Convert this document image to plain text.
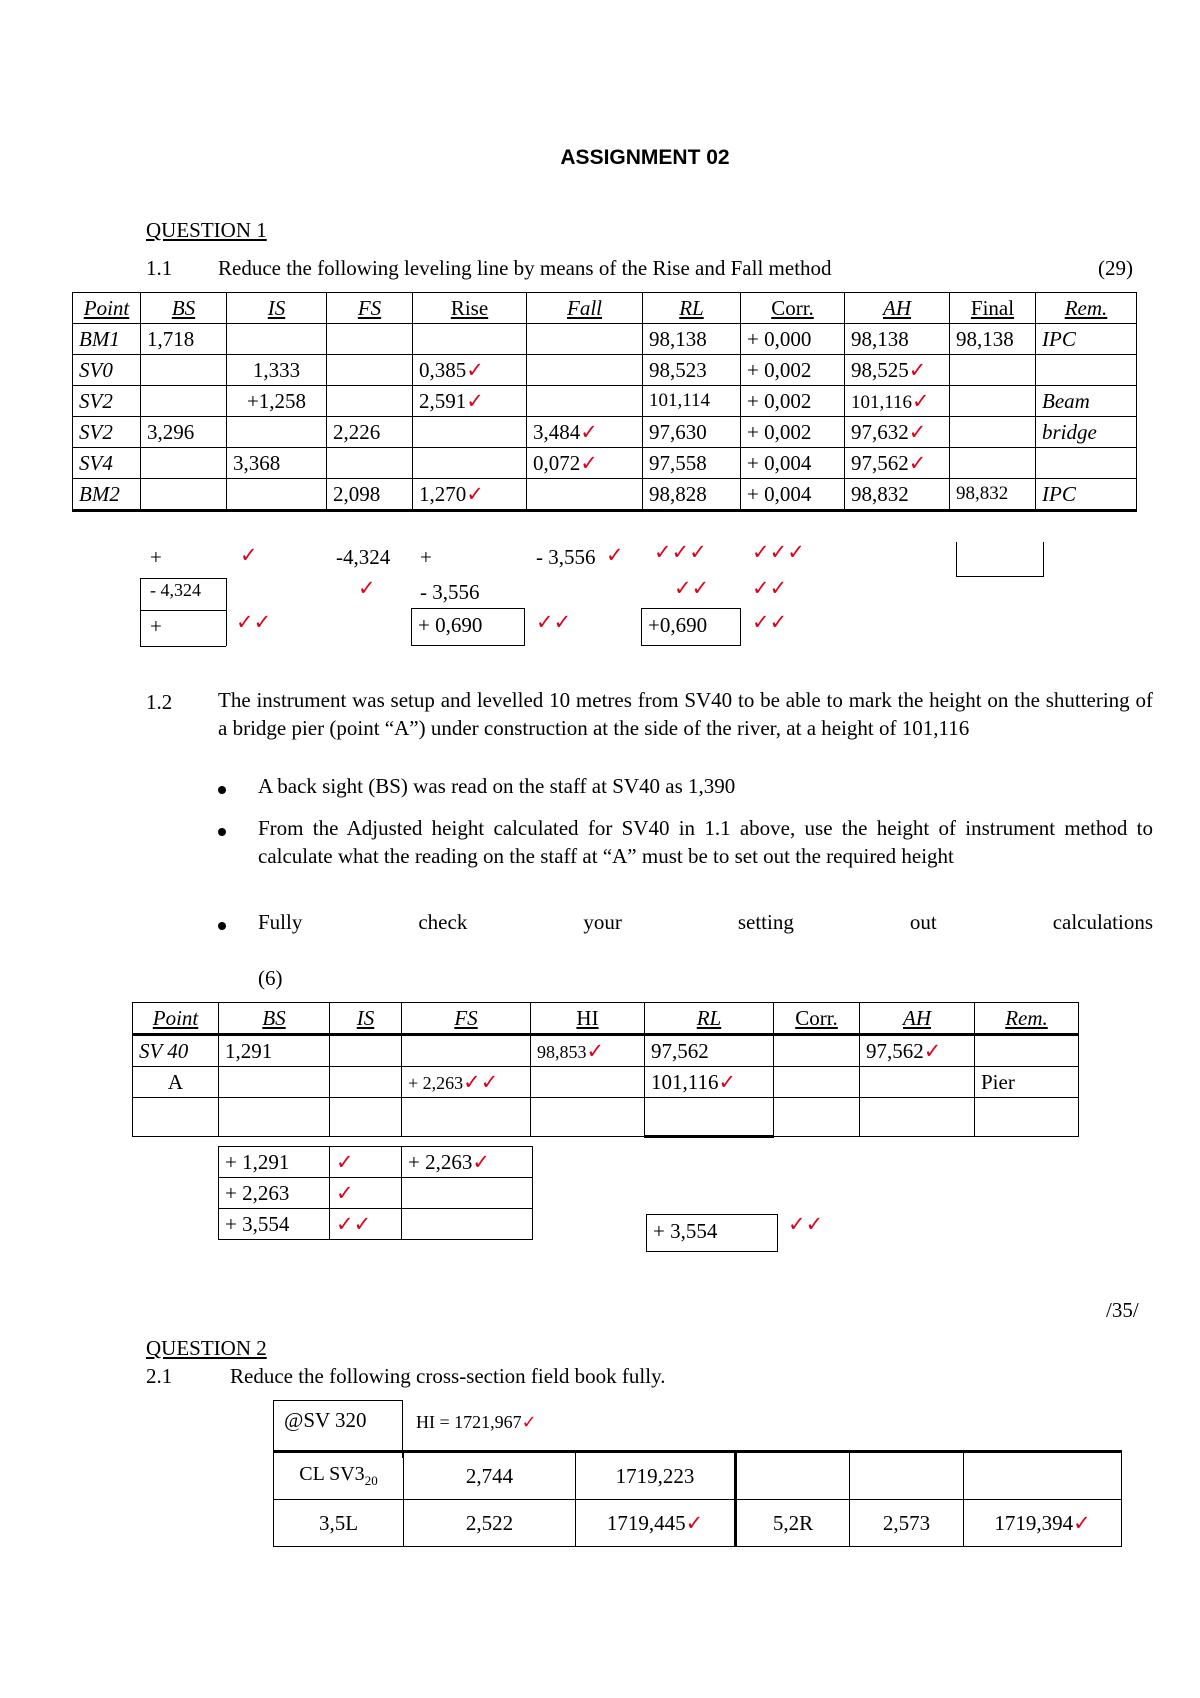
ASSIGNMENT 02
QUESTION 1
1.1 Reduce the following leveling line by means of the Rise and Fall method	(29)
Point	BS	IS	FS	Rise	Fall	RL	Corr.	AH	Final	Rem.
BM1	1,718					98,138	+ 0,000	98,138	98,138	IPC
SV0		1,333		0,385✓		98,523	+ 0,002	98,525✓		
SV2		+1,258		2,591✓		101,114	+ 0,002	101,116✓		Beam
SV2	3,296		2,226		3,484✓	97,630	+ 0,002	97,632✓		bridge
SV4		3,368			0,072✓	97,558	+ 0,004	97,562✓		
BM2			2,098	1,270✓		98,828	+ 0,004	98,832	98,832	IPC
+	✓	-4,324 +	- 3,556 ✓ ✓✓✓ ✓✓✓
- 4,324	✓ - 3,556	✓✓ ✓✓
+	✓✓	+ 0,690	✓✓	+0,690	✓✓
1.2 The instrument was setup and levelled 10 metres from SV40 to be able to mark the height on the shuttering of a bridge pier (point “A”) under construction at the side of the river, at a height of 101,116
A back sight (BS) was read on the staff at SV40 as 1,390
From the Adjusted height calculated for SV40 in 1.1 above, use the height of instrument method to calculate what the reading on the staff at “A” must be to set out the required height
Fully check your setting out calculations
(6)
Point	BS	IS	FS	HI	RL	Corr.	AH	Rem.
SV 40	1,291			98,853✓	97,562		97,562✓	
A			+ 2,263✓✓		101,116✓			Pier

+ 1,291	✓	+ 2,263✓
+ 2,263	✓	
+ 3,554	✓✓		+ 3,554	✓✓
/35/
QUESTION 2
2.1	Reduce the following cross-section field book fully.
@SV 320	HI = 1721,967✓
CL $SV3_{20}$	2,744	1719,223			
3,5L	2,522	1719,445✓	5,2R	2,573	1719,394✓
